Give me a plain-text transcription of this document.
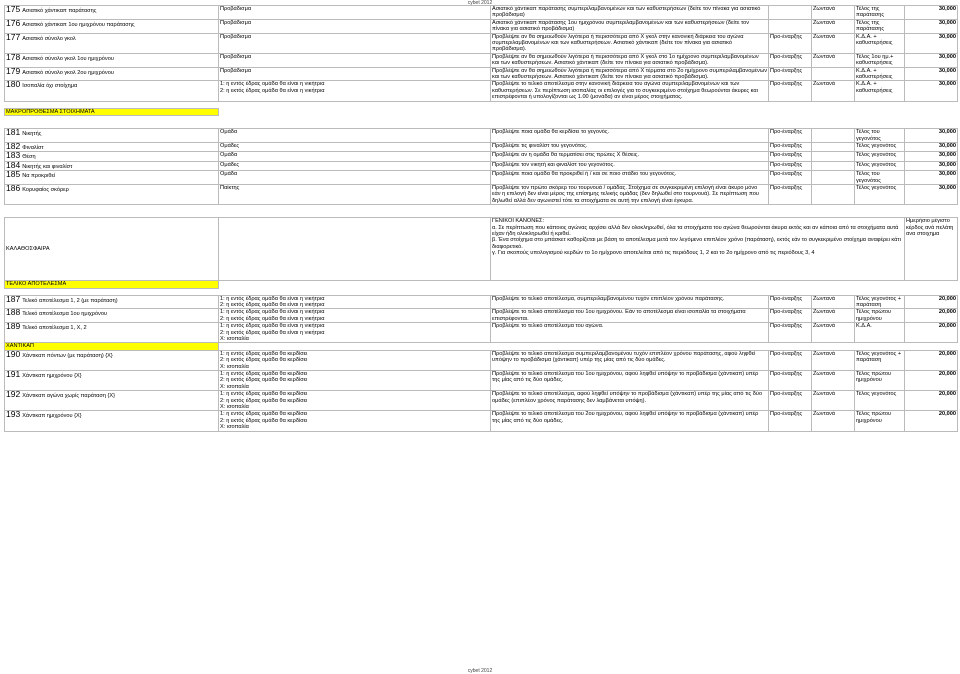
cybet 2012
175 Ασιατικό χάντικαπ παράτασης	Προβάδισμα	Ασιατικό χάντικαπ παράτασης συμπεριλαμβανομένων και των καθυστερήσεων (δείτε τον πίνακα για ασιατικό προβάδισμα)		Ζωντανά	Τέλος της παράτασης	30,000

176 Ασιατικό χάντικαπ 1ου ημιχρόνου παράτασης	Προβάδισμα	Ασιατικό χάντικαπ παράτασης 1ου ημιχρόνου συμπεριλαμβανομένων και των καθυστερήσεων (δείτε τον πίνακα για ασιατικό προβάδισμα)		Ζωντανά	Τέλος της παράτασης	30,000

177 Ασιατικό σύνολο γκολ	Προβάδισμα	Προβλέψτε αν θα σημειωθούν λιγότερα ή περισσότερα από Χ γκολ στην κανονική διάρκεια του αγώνα συμπεριλαμβανομένων και των καθυστερήσεων. Ασιατικό χάντικαπ (δείτε τον πίνακα για ασιατικό προβάδισμα).	Προ-έναρξης	Ζωντανά	Κ.Δ.Α. + καθυστερήσεις	30,000

178 Ασιατικό σύνολο γκολ 1ου ημιχρόνου	Προβάδισμα	Προβλέψτε αν θα σημειωθούν λιγότερα ή περισσότερα από Χ γκολ στο 1ο ημίχρονο συμπεριλαμβανομένων και των καθυστερήσεων. Ασιατικό χάντικαπ (δείτε τον πίνακα για ασιατικό προβάδισμα).	Προ-έναρξης	Ζωντανά	Τέλος 1ου ημ.+ καθυστερήσεις	30,000

179 Ασιατικό σύνολο γκολ 2ου ημιχρόνου	Προβάδισμα	Προβλέψτε αν θα σημειωθούν λιγότερα ή περισσότερα από Χ τέρματα στο 2ο ημίχρονο συμπεριλαμβανομένων και των καθυστερήσεων. Ασιατικό χάντικαπ (δείτε τον πίνακα για ασιατικό προβάδισμα).	Προ-έναρξης		Κ.Δ.Α. + καθυστερήσεις	30,000

180 Ισοπαλία όχι στοίχημα	1: η εντός έδρας ομάδα θα είναι η νικήτρια
2: η εκτός έδρας ομάδα θα είναι η νικήτρια	Προβλέψτε το τελικό αποτέλεσμα στην κανονική διάρκεια του αγώνα συμπεριλαμβανομένων και των καθυστερήσεων. Σε περίπτωση ισοπαλίας οι επιλογές για το συγκεκριμένο στοίχημα θεωρούνται άκυρες και επιστρέφονται ή υπολογίζονται ως 1.00 (μονάδα) αν είναι μέρος στοιχήματος.	Προ-έναρξης	Ζωντανά	Κ.Δ.Α. + καθυστερήσεις	30,000

ΜΑΚΡΟΠΡΟΘΕΣΜΑ ΣΤΟΙΧΗΜΑΤΑ						

181 Νικητής	Ομάδα	Προβλέψτε ποια ομάδα θα κερδίσει το γεγονός.	Προ-έναρξης		Τέλος του γεγονότος	30,000

182 Φιναλίστ	Ομάδες	Προβλέψτε τις φιναλίστ του γεγονότος.	Προ-έναρξης		Τέλος γεγονότος	30,000

183 Θέση	Ομάδα	Προβλέψτε αν η ομάδα θα τερματίσει στις πρώτες Χ θέσεις.	Προ-έναρξης		Τέλος γεγονότος	30,000

184 Νικητής και φιναλίστ	Ομάδες	Προβλέψτε τον νικητή και φιναλίστ του γεγονότος.	Προ-έναρξης		Τέλος γεγονότος	30,000

185 Να προκριθεί	Ομάδα	Προβλέψτε ποια ομάδα θα προκριθεί ή / και σε ποιο στάδιο του γεγονότος.	Προ-έναρξης		Τέλος του γεγονότος	30,000

186 Κορυφαίος σκόρερ	Παίκτης	Προβλέψτε τον πρώτο σκόρερ του τουρνουά / ομάδας. Στοίχημα σε συγκεκριμένη επιλογή είναι άκυρο μόνο εάν η επιλογή δεν είναι μέρος της επίσημης τελικής ομάδας (δεν δηλωθεί στο τουρνουά). Σε περίπτωση που δηλωθεί αλλά δεν αγωνιστεί τότε τα στοιχήματα σε αυτή την επιλογή είναι έγκυρα.	Προ-έναρξης		Τέλος γεγονότος	30,000

ΚΑΛΑΘΟΣΦΑΙΡΑ		ΓΕΝΙΚΟΙ ΚΑΝΟΝΕΣ:
α. Σε περίπτωση που κάποιος αγώνας αρχίσει αλλά δεν ολοκληρωθεί, όλα τα στοιχήματα του αγώνα θεωρούνται άκυρα εκτός και αν κάποια από τα στοιχήματα αυτά είχαν ήδη ολοκληρωθεί ή κριθεί.
β. Ένα στοίχημα στο μπάσκετ καθορίζεται με βάση το αποτέλεσμα μετά τον λεγόμενο επιπλέον χρόνο (παράταση), εκτός εάν το συγκεκριμένο στοίχημα αναφέρει κάτι διαφορετικό.
γ. Για σκοπούς υπολογισμού κερδών το 1ο ημίχρονο αποτελείται από τις περιόδους 1, 2 και το 2ο ημίχρονο από τις περιόδους 3, 4				Ημερήσιο μέγιστο κέρδος ανά πελάτη ανα στοιχημα

ΤΕΛΙΚΟ ΑΠΟΤΕΛΕΣΜΑ						

187 Τελικό αποτέλεσμα 1, 2 (με παράταση)	1: η εντός έδρας ομάδα θα είναι η νικήτρια
2: η εκτός έδρας ομάδα θα είναι η νικήτρια	Προβλέψτε το τελικό αποτέλεσμα, συμπεριλαμβανομένου τυχόν επιπλέον χρόνου παράτασης.	Προ-έναρξης	Ζωντανά	Τέλος γεγονότος + παράταση	20,000

188 Τελικό αποτέλεσμα 1ου ημιχρόνου	1: η εντός έδρας ομάδα θα είναι η νικήτρια
2: η εκτός έδρας ομάδα θα είναι η νικήτρια	Προβλέψτε το τελικό αποτέλεσμα του 1ου ημιχρόνου. Εάν το αποτέλεσμα είναι ισοπαλία τα στοιχήματα επιστρέφονται.	Προ-έναρξης	Ζωντανά	Τέλος πρώτου ημιχρόνου	20,000

189 Τελικό αποτέλεσμα 1, Χ, 2	1: η εντός έδρας ομάδα θα είναι η νικήτρια
2: η εκτός έδρας ομάδα θα είναι η νικήτρια
Χ: ισοπαλία	Προβλέψτε το τελικό αποτέλεσμα του αγώνα.	Προ-έναρξης	Ζωντανά	Κ.Δ.Α.	20,000

ΧΑΝΤΙΚΑΠ						

190 Χάντικαπ πόντων (με παράταση) {Χ}	1: η εντός έδρας ομάδα θα κερδίσει
2: η εκτός έδρας ομάδα θα κερδίσει
Χ: ισοπαλία	Προβλέψτε το τελικό αποτέλεσμα συμπεριλαμβανομένου τυχόν επιπλέον χρόνου παράτασης, αφού ληφθεί υπόψην το προβάδισμα (χάντικαπ) υπέρ της μίας από τις δύο ομάδες.	Προ-έναρξης	Ζωντανά	Τέλος γεγονότος + παράταση	20,000

191 Χάντικαπ ημιχρόνου {Χ}	1: η εντός έδρας ομάδα θα κερδίσει
2: η εκτός έδρας ομάδα θα κερδίσει
Χ: ισοπαλία	Προβλέψτε το τελικό αποτέλεσμα του 1ου ημιχρόνου, αφού ληφθεί υπόψην το προβάδισμα (χάντικαπ) υπέρ της μίας από τις δύο ομάδες.	Προ-έναρξης	Ζωντανά	Τέλος πρώτου ημιχρόνου	20,000

192 Χάντικαπ αγώνα χωρίς παράταση {Χ}	1: η εντός έδρας ομάδα θα κερδίσει
2: η εκτός έδρας ομάδα θα κερδίσει
Χ: ισοπαλία	Προβλέψτε το τελικό αποτέλεσμα, αφού ληφθεί υπόψην το προβάδισμα (χάντικαπ) υπέρ της μίας από τις δύο ομάδες (επιπλέον χρόνος παράτασης δεν λαμβάνεται υπόψη).	Προ-έναρξης	Ζωντανά	Τέλος γεγονότος	20,000

193 Χάντικαπ ημιχρόνου {Χ}	1: η εντός έδρας ομάδα θα κερδίσει
2: η εκτός έδρας ομάδα θα κερδίσει
Χ: ισοπαλία	Προβλέψτε το τελικό αποτέλεσμα του 2ου ημιχρόνου, αφού ληφθεί υπόψην το προβάδισμα (χάντικαπ) υπέρ της μίας από τις δύο ομάδες.	Προ-έναρξης	Ζωντανά	Τέλος πρώτου ημιχρόνου	20,000
cybet 2012
